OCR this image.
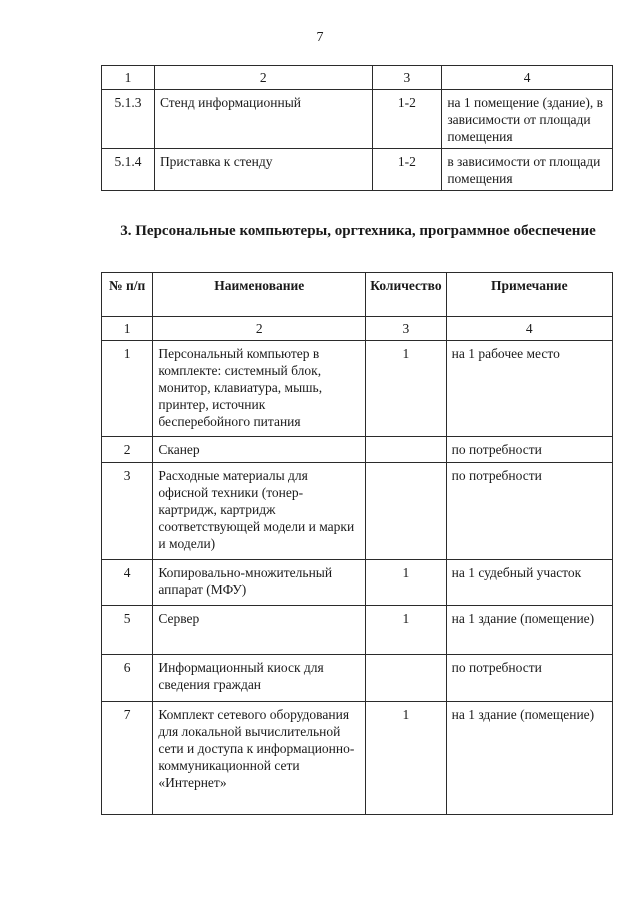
7
1	2	3	4
5.1.3	Стенд информационный	1-2	на 1 помещение (здание), в зависимости от площади помещения
5.1.4	Приставка к стенду	1-2	в зависимости от площади помещения
3. Персональные компьютеры, оргтехника, программное обеспечение
№ п/п	Наименование	Количество	Примечание
1	2	3	4
1	Персональный компьютер в комплекте: системный блок, монитор, клавиатура, мышь, принтер, источник бесперебойного питания	1	на 1 рабочее место
2	Сканер		по потребности
3	Расходные материалы для офисной техники (тонер-картридж, картридж соответствующей модели и марки и модели)		по потребности
4	Копировально-множительный аппарат (МФУ)	1	на 1 судебный участок
5	Сервер	1	на 1 здание (помещение)
6	Информационный киоск для сведения граждан		по потребности
7	Комплект сетевого оборудования для локальной вычислительной сети и доступа к информационно-коммуникационной сети «Интернет»	1	на 1 здание (помещение)
